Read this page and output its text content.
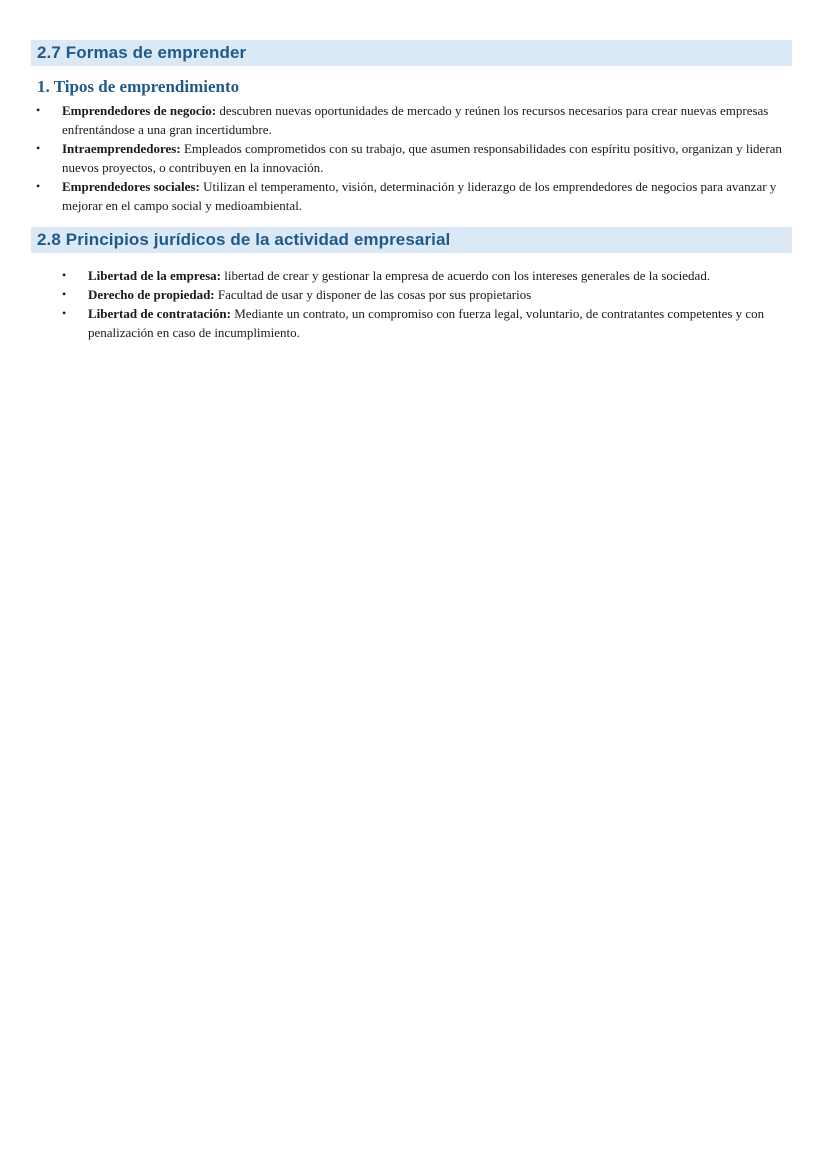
2.7 Formas de emprender
1. Tipos de emprendimiento
• Emprendedores de negocio: descubren nuevas oportunidades de mercado y reúnen los recursos necesarios para crear nuevas empresas enfrentándose a una gran incertidumbre.
• Intraemprendedores: Empleados comprometidos con su trabajo, que asumen responsabilidades con espíritu positivo, organizan y lideran nuevos proyectos, o contribuyen en la innovación.
• Emprendedores sociales: Utilizan el temperamento, visión, determinación y liderazgo de los emprendedores de negocios para avanzar y mejorar en el campo social y medioambiental.
2.8 Principios jurídicos de la actividad empresarial
• Libertad de la empresa: libertad de crear y gestionar la empresa de acuerdo con los intereses generales de la sociedad.
• Derecho de propiedad: Facultad de usar y disponer de las cosas por sus propietarios
• Libertad de contratación: Mediante un contrato, un compromiso con fuerza legal, voluntario, de contratantes competentes y con penalización en caso de incumplimiento.
